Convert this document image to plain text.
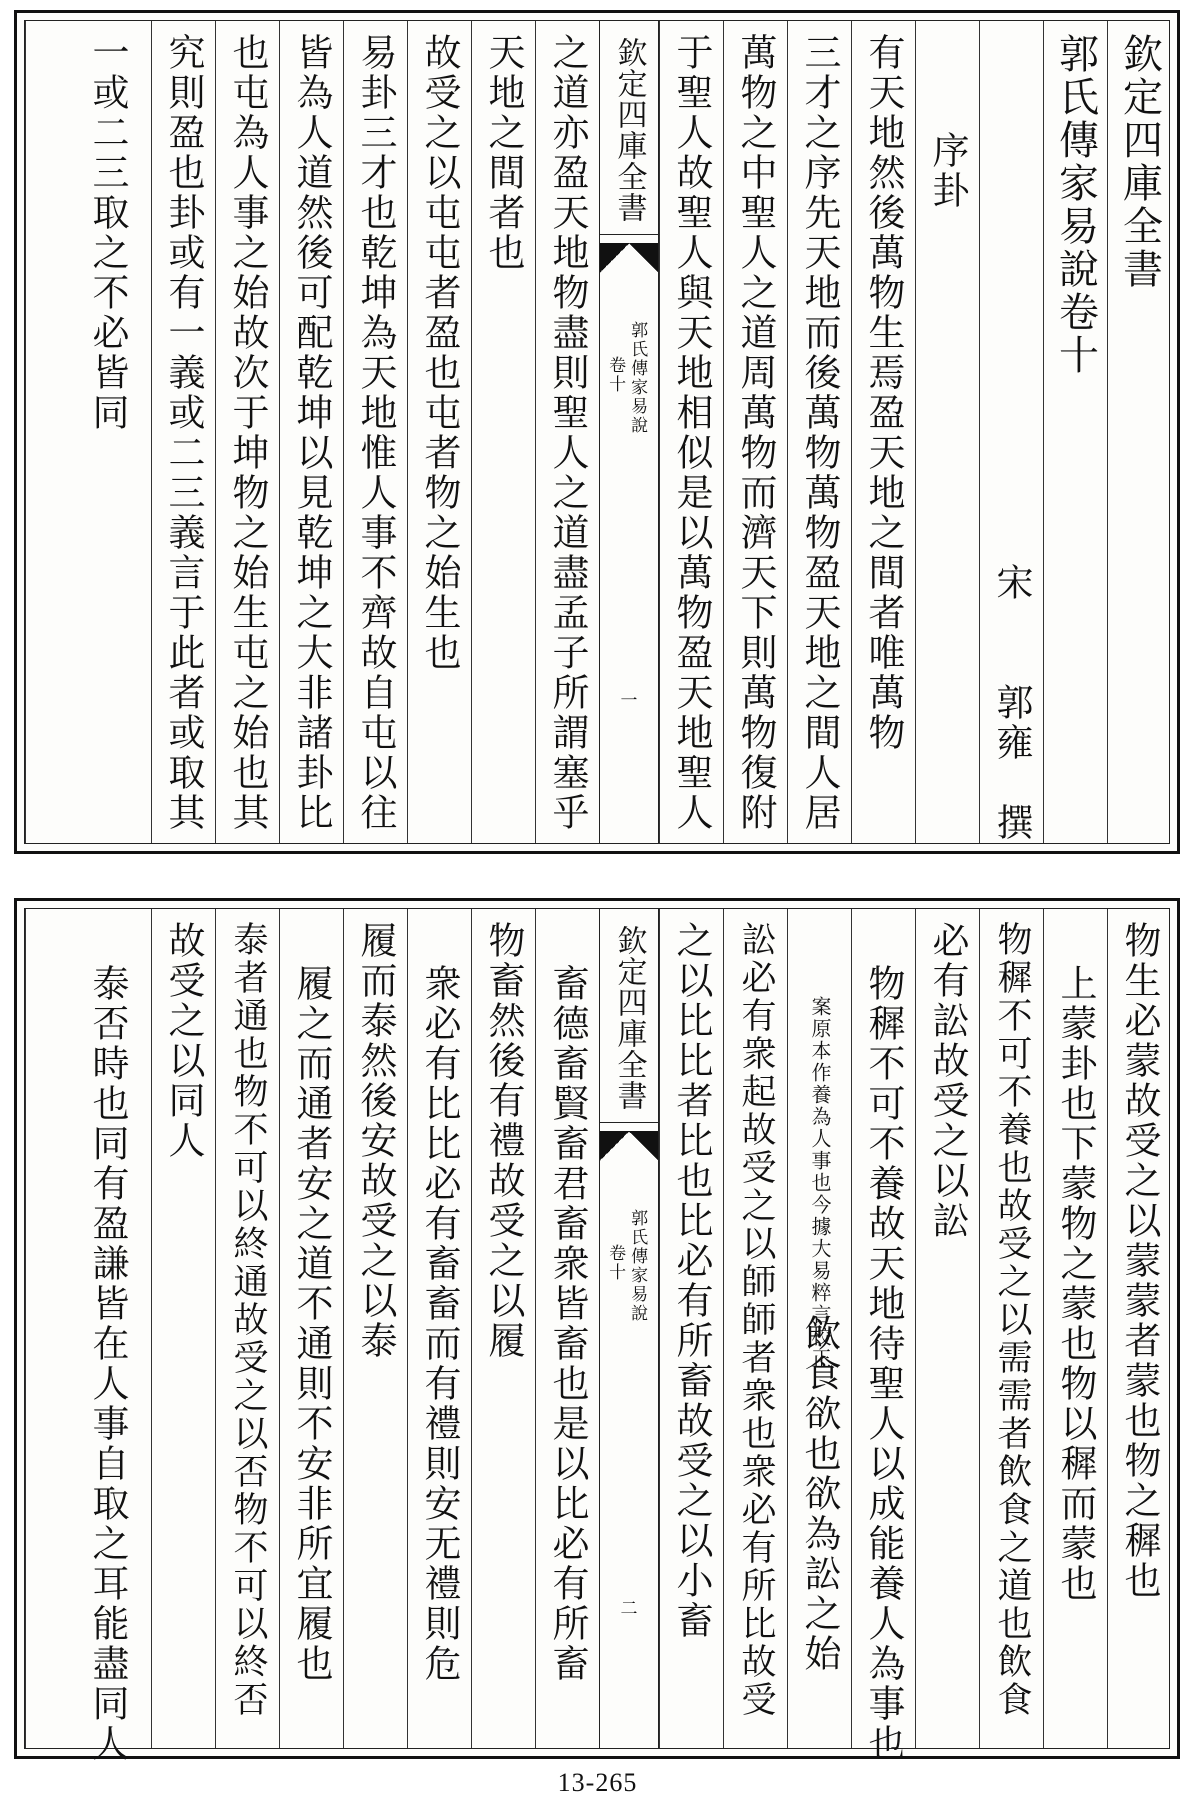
欽定四庫全書
郭氏傳家易說卷十
宋　　郭雍　撰
序卦
有天地然後萬物生焉盈天地之間者唯萬物
三才之序先天地而後萬物萬物盈天地之間人居
萬物之中聖人之道周萬物而濟天下則萬物復附
于聖人故聖人與天地相似是以萬物盈天地聖人
欽定四庫全書
郭氏傳家易說
卷十
一
之道亦盈天地物盡則聖人之道盡孟子所謂塞乎
天地之間者也
故受之以屯屯者盈也屯者物之始生也
易卦三才也乾坤為天地惟人事不齊故自屯以往
皆為人道然後可配乾坤以見乾坤之大非諸卦比
也屯為人事之始故次于坤物之始生屯之始也其
究則盈也卦或有一義或二三義言于此者或取其
一或二三取之不必皆同
物生必蒙故受之以蒙蒙者蒙也物之穉也
上蒙卦也下蒙物之蒙也物以穉而蒙也
物穉不可不養也故受之以需需者飲食之道也飲食
必有訟故受之以訟
物穉不可不養故天地待聖人以成能養人為事也
案原本作養為人事也今據大易粹言校正
飲食欲也欲為訟之始
訟必有衆起故受之以師師者衆也衆必有所比故受
之以比比者比也比必有所畜故受之以小畜
欽定四庫全書
郭氏傳家易說
卷十
二
畜德畜賢畜君畜衆皆畜也是以比必有所畜
物畜然後有禮故受之以履
衆必有比比必有畜畜而有禮則安无禮則危
履而泰然後安故受之以泰
履之而通者安之道不通則不安非所宜履也
泰者通也物不可以終通故受之以否物不可以終否
故受之以同人
泰否時也同有盈謙皆在人事自取之耳能盡同人
13-265
